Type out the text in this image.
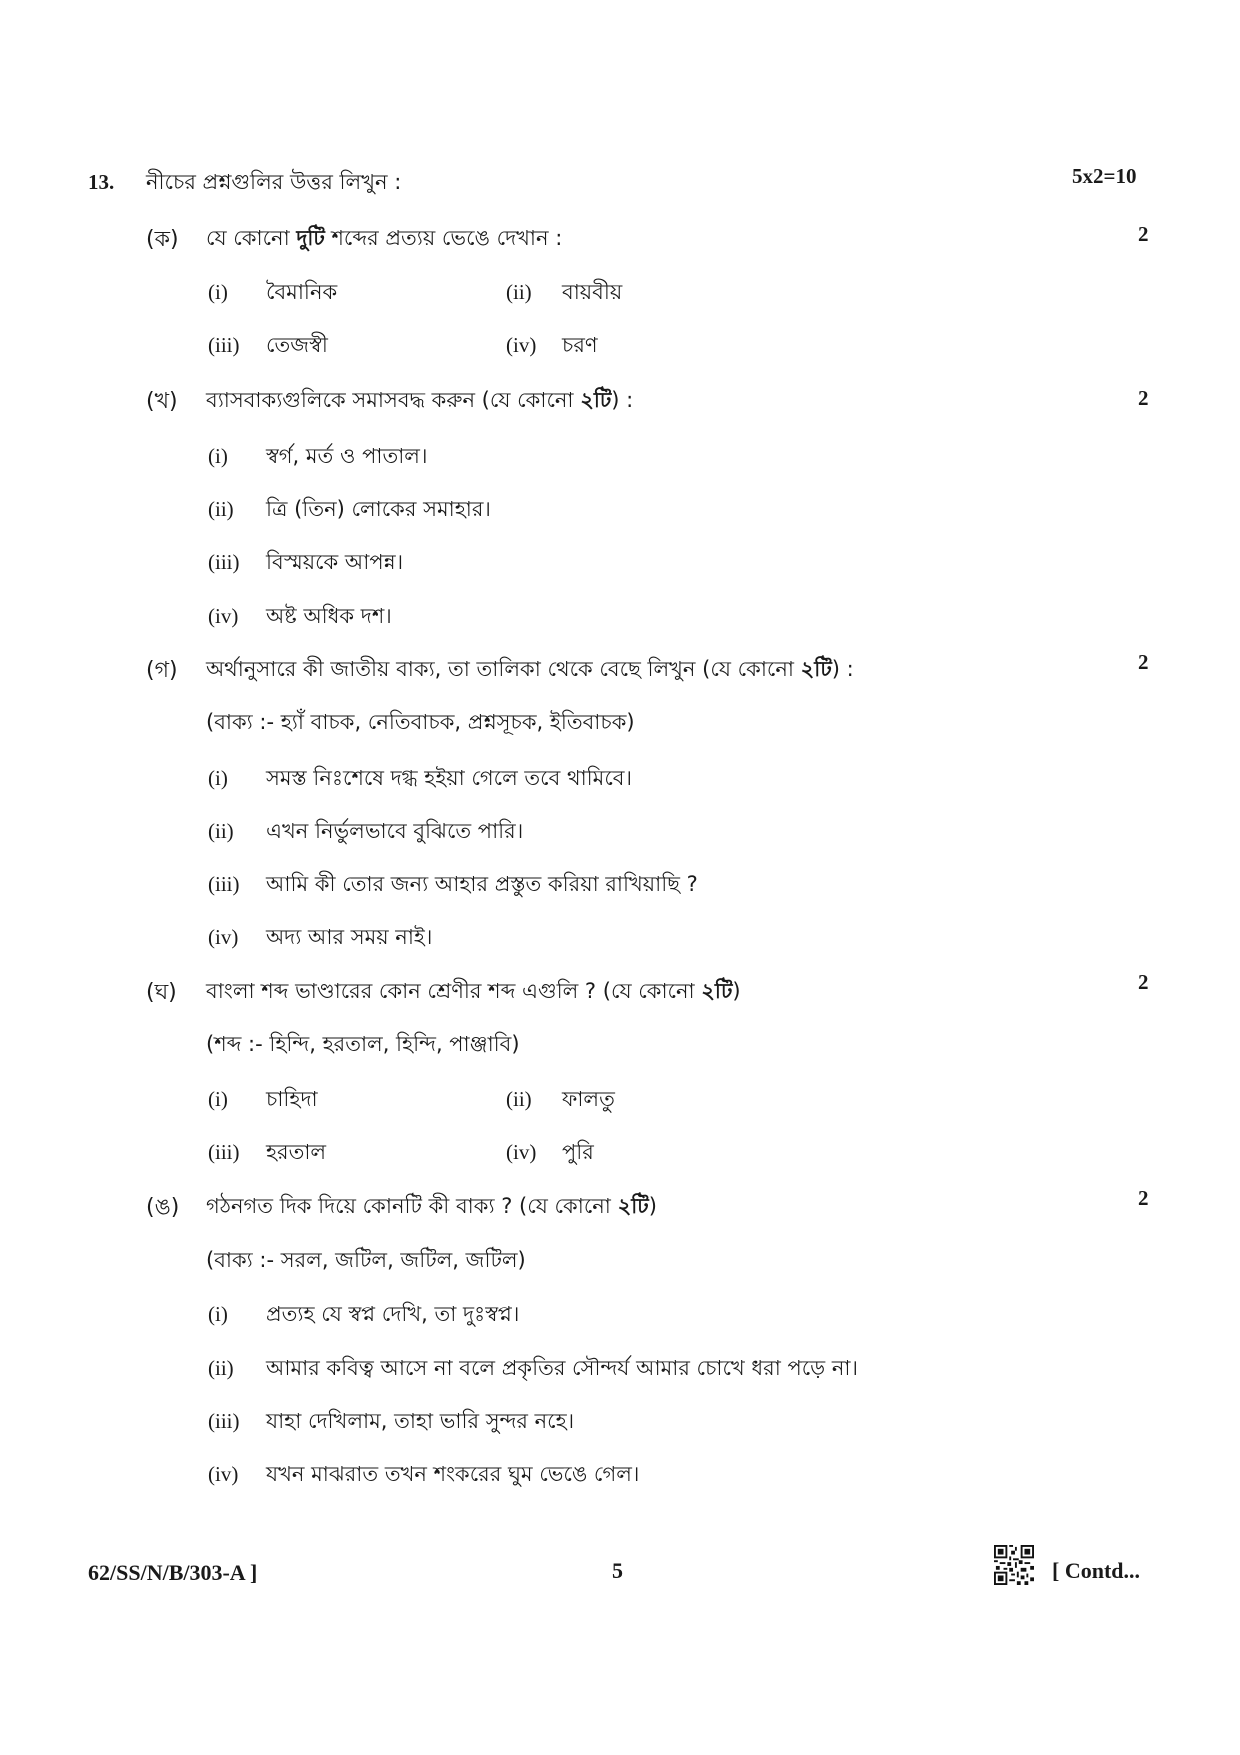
13. নীচের প্রশ্নগুলির উত্তর লিখুন :	5x2=10
(ক) যে কোনো দুটি শব্দের প্রত্যয় ভেঙে দেখান :	2
(i) বৈমানিক	(ii) বায়বীয়
(iii) তেজস্বী	(iv) চরণ
(খ) ব্যাসবাক্যগুলিকে সমাসবদ্ধ করুন (যে কোনো ২টি) :	2
(i) স্বর্গ, মর্ত ও পাতাল।
(ii) ত্রি (তিন) লোকের সমাহার।
(iii) বিস্ময়কে আপন্ন।
(iv) অষ্ট অধিক দশ।
(গ) অর্থানুসারে কী জাতীয় বাক্য, তা তালিকা থেকে বেছে লিখুন (যে কোনো ২টি) :	2
(বাক্য :- হ্যাঁ বাচক, নেতিবাচক, প্রশ্নসূচক, ইতিবাচক)
(i) সমস্ত নিঃশেষে দগ্ধ হইয়া গেলে তবে থামিবে।
(ii) এখন নির্ভুলভাবে বুঝিতে পারি।
(iii) আমি কী তোর জন্য আহার প্রস্তুত করিয়া রাখিয়াছি ?
(iv) অদ্য আর সময় নাই।
(ঘ) বাংলা শব্দ ভাণ্ডারের কোন শ্রেণীর শব্দ এগুলি ? (যে কোনো ২টি)	2
(শব্দ :- হিন্দি, হরতাল, হিন্দি, পাঞ্জাবি)
(i) চাহিদা	(ii) ফালতু
(iii) হরতাল	(iv) পুরি
(ঙ) গঠনগত দিক দিয়ে কোনটি কী বাক্য ? (যে কোনো ২টি)	2
(বাক্য :- সরল, জটিল, জটিল, জটিল)
(i) প্রত্যহ যে স্বপ্ন দেখি, তা দুঃস্বপ্ন।
(ii) আমার কবিত্ব আসে না বলে প্রকৃতির সৌন্দর্য আমার চোখে ধরা পড়ে না।
(iii) যাহা দেখিলাম, তাহা ভারি সুন্দর নহে।
(iv) যখন মাঝরাত তখন শংকরের ঘুম ভেঙে গেল।
62/SS/N/B/303-A ]	5	[ Contd...
